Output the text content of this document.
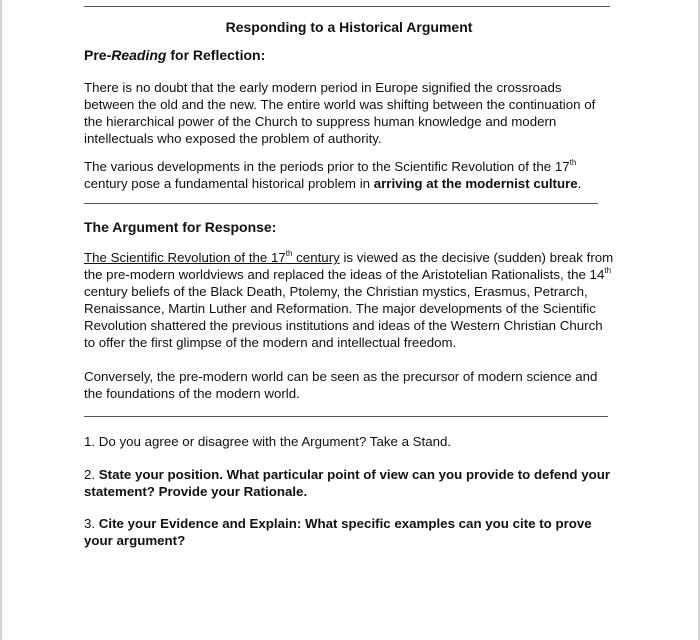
Responding to a Historical Argument
Pre-Reading for Reflection:

There is no doubt that the early modern period in Europe signified the crossroads between the old and the new. The entire world was shifting between the continuation of the hierarchical power of the Church to suppress human knowledge and modern intellectuals who exposed the problem of authority.

The various developments in the periods prior to the Scientific Revolution of the 17th century pose a fundamental historical problem in arriving at the modernist culture.

The Argument for Response:

The Scientific Revolution of the 17th century is viewed as the decisive (sudden) break from the pre-modern worldviews and replaced the ideas of the Aristotelian Rationalists, the 14th century beliefs of the Black Death, Ptolemy, the Christian mystics, Erasmus, Petrarch, Renaissance, Martin Luther and Reformation. The major developments of the Scientific Revolution shattered the previous institutions and ideas of the Western Christian Church to offer the first glimpse of the modern and intellectual freedom.

Conversely, the pre-modern world can be seen as the precursor of modern science and the foundations of the modern world.

1. Do you agree or disagree with the Argument? Take a Stand.

2. State your position. What particular point of view can you provide to defend your statement? Provide your Rationale.

3. Cite your Evidence and Explain: What specific examples can you cite to prove your argument?
